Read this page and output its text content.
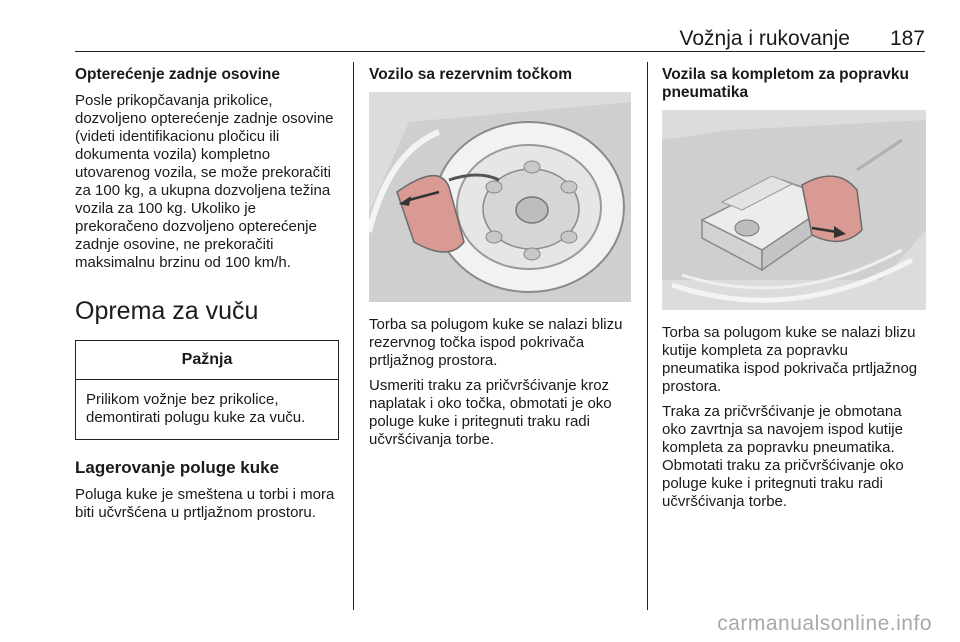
Vožnja i rukovanje 187
Opterećenje zadnje osovine

Posle prikopčavanja prikolice, dozvoljeno opterećenje zadnje osovine (videti identifikacionu pločicu ili dokumenta vozila) kompletno utovarenog vozila, se može prekoračiti za 100 kg, a ukupna dozvoljena težina vozila za 100 kg. Ukoliko je prekoračeno dozvoljeno opterećenje zadnje osovine, ne prekoračiti maksimalnu brzinu od 100 km/h.

Oprema za vuču
Pažnja
Prilikom vožnje bez prikolice, demontirati polugu kuke za vuču.
Lagerovanje poluge kuke

Poluga kuke je smeštena u torbi i mora biti učvršćena u prtljažnom prostoru.

Vozilo sa rezervnim točkom

Torba sa polugom kuke se nalazi blizu rezervnog točka ispod pokrivača prtljažnog prostora.

Usmeriti traku za pričvršćivanje kroz naplatak i oko točka, obmotati je oko poluge kuke i pritegnuti traku radi učvršćivanja torbe.

Vozila sa kompletom za popravku pneumatika

Torba sa polugom kuke se nalazi blizu kutije kompleta za popravku pneumatika ispod pokrivača prtljažnog prostora.

Traka za pričvršćivanje je obmotana oko zavrtnja sa navojem ispod kutije kompleta za popravku pneumatika. Obmotati traku za pričvršćivanje oko poluge kuke i pritegnuti traku radi učvršćivanja torbe.

carmanualsonline.info
